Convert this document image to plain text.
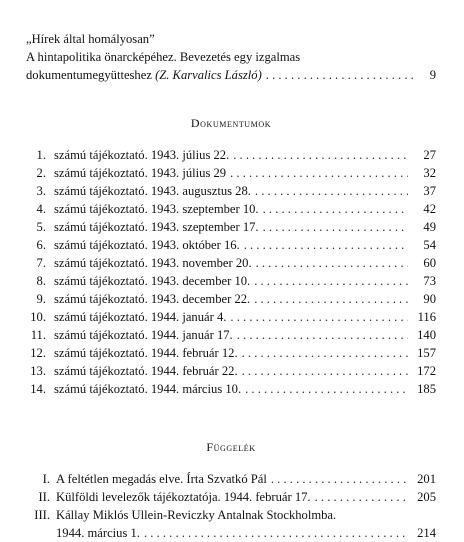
„Hírek által homályosan”
A hintapolitika önarcképéhez. Bevezetés egy izgalmas
dokumentumegyütteshez (Z. Karvalics László) . . .	9
Dokumentumok
1. számú tájékoztató. 1943. július 22. . . .	27
2. számú tájékoztató. 1943. július 29 . . .	32
3. számú tájékoztató. 1943. augusztus 28. . . .	37
4. számú tájékoztató. 1943. szeptember 10. . . .	42
5. számú tájékoztató. 1943. szeptember 17. . . .	49
6. számú tájékoztató. 1943. október 16. . . .	54
7. számú tájékoztató. 1943. november 20. . . .	60
8. számú tájékoztató. 1943. december 10. . . .	73
9. számú tájékoztató. 1943. december 22. . . .	90
10. számú tájékoztató. 1944. január 4. . . .	116
11. számú tájékoztató. 1944. január 17. . . .	140
12. számú tájékoztató. 1944. február 12. . . .	157
13. számú tájékoztató. 1944. február 22. . . .	172
14. számú tájékoztató. 1944. március 10. . . .	185
Függelék
I. A feltétlen megadás elve. Írta Szvatkó Pál . . .	201
II. Külföldi levelezők tájékoztatója. 1944. február 17. . . .	205
III. Kállay Miklós Ullein-Reviczky Antalnak Stockholmba.
1944. március 1. . . .	214
